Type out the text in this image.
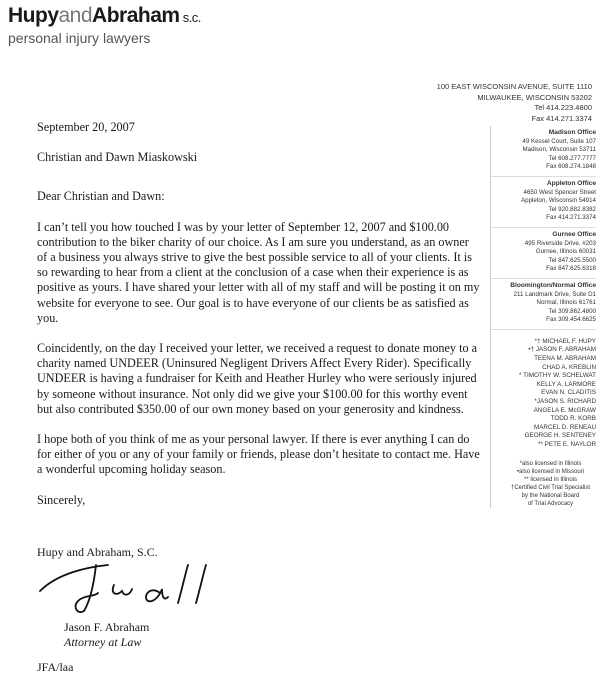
HupyandAbraham s.c.
personal injury lawyers
100 EAST WISCONSIN AVENUE, SUITE 1110
MILWAUKEE, WISCONSIN 53202
Tel 414.223.4800
Fax 414.271.3374
Madison Office
49 Kessel Court, Suite 107
Madison, Wisconsin 53711
Tel 608.277.7777
Fax 608.274.1848
Appleton Office
4650 West Spencer Street
Appleton, Wisconsin 54914
Tel 920.882.8382
Fax 414.271.3374
Gurnee Office
495 Riverside Drive, #203
Gurnee, Illinois 60031
Tel 847.625.5500
Fax 847.625.6318
Bloomington/Normal Office
211 Landmark Drive, Suite D1
Normal, Illinois 61761
Tel 309.862.4800
Fax 309.454.6625
*† MICHAEL F. HUPY
•† JASON F. ABRAHAM
TEENA M. ABRAHAM
CHAD A. KREBLIN
* TIMOTHY W. SCHELWAT
KELLY A. LARMORE
EVAN N. CLADITIS
*JASON S. RICHARD
ANGELA E. McGRAW
TODD R. KORB
MARCEL D. RENEAU
GEORGE H. SENTENEY
** PETE E. NAYLOR
*also licensed in Illinois
•also licensed in Missouri
** licensed in Illinois
†Certified Civil Trial Specialist
by the National Board
of Trial Advocacy

September 20, 2007

Christian and Dawn Miaskowski

Dear Christian and Dawn:

I can’t tell you how touched I was by your letter of September 12, 2007 and $100.00 contribution to the biker charity of our choice. As I am sure you understand, as an owner of a business you always strive to give the best possible service to all of your clients. It is so rewarding to hear from a client at the conclusion of a case when their experience is as positive as yours. I have shared your letter with all of my staff and will be posting it on my website for everyone to see. Our goal is to have everyone of our clients be as satisfied as you.

Coincidently, on the day I received your letter, we received a request to donate money to a charity named UNDEER (Uninsured Negligent Drivers Affect Every Rider). Specifically UNDEER is having a fundraiser for Keith and Heather Hurley who were seriously injured by someone without insurance. Not only did we give your $100.00 for this worthy event but also contributed $350.00 of our own money based on your generosity and kindness.

I hope both of you think of me as your personal lawyer. If there is ever anything I can do for either of you or any of your family or friends, please don’t hesitate to contact me. Have a wonderful upcoming holiday season.

Sincerely,

Hupy and Abraham, S.C.
Jason F. Abraham
Attorney at Law
JFA/laa
